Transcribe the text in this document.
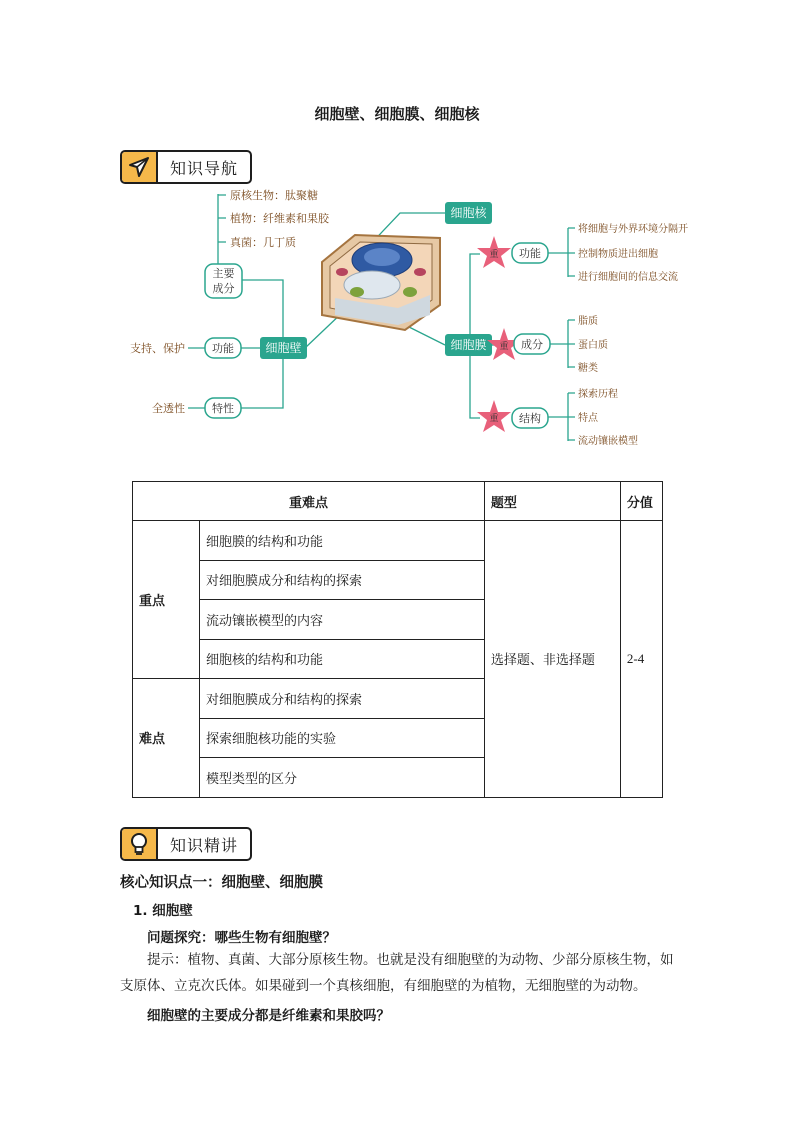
细胞壁、细胞膜、细胞核
知识导航
原核生物：肽聚糖
植物：纤维素和果胶
真菌：几丁质
支持、保护
全透性
主要
成分
功能
特性
细胞壁
细胞核
细胞膜
重
重
重
功能
成分
结构
将细胞与外界环境分隔开
控制物质进出细胞
进行细胞间的信息交流
脂质
蛋白质
糖类
探索历程
特点
流动镶嵌模型
重难点		题型	分值
重点	细胞膜的结构和功能	选择题、非选择题	2-4
	对细胞膜成分和结构的探索		
	流动镶嵌模型的内容		
	细胞核的结构和功能		
难点	对细胞膜成分和结构的探索		
	探索细胞核功能的实验		
	模型类型的区分		
知识精讲
核心知识点一：细胞壁、细胞膜
1. 细胞壁
问题探究：哪些生物有细胞壁？
提示：植物、真菌、大部分原核生物。也就是没有细胞壁的为动物、少部分原核生物，如支原体、立克次氏体。如果碰到一个真核细胞，有细胞壁的为植物，无细胞壁的为动物。
细胞壁的主要成分都是纤维素和果胶吗？
